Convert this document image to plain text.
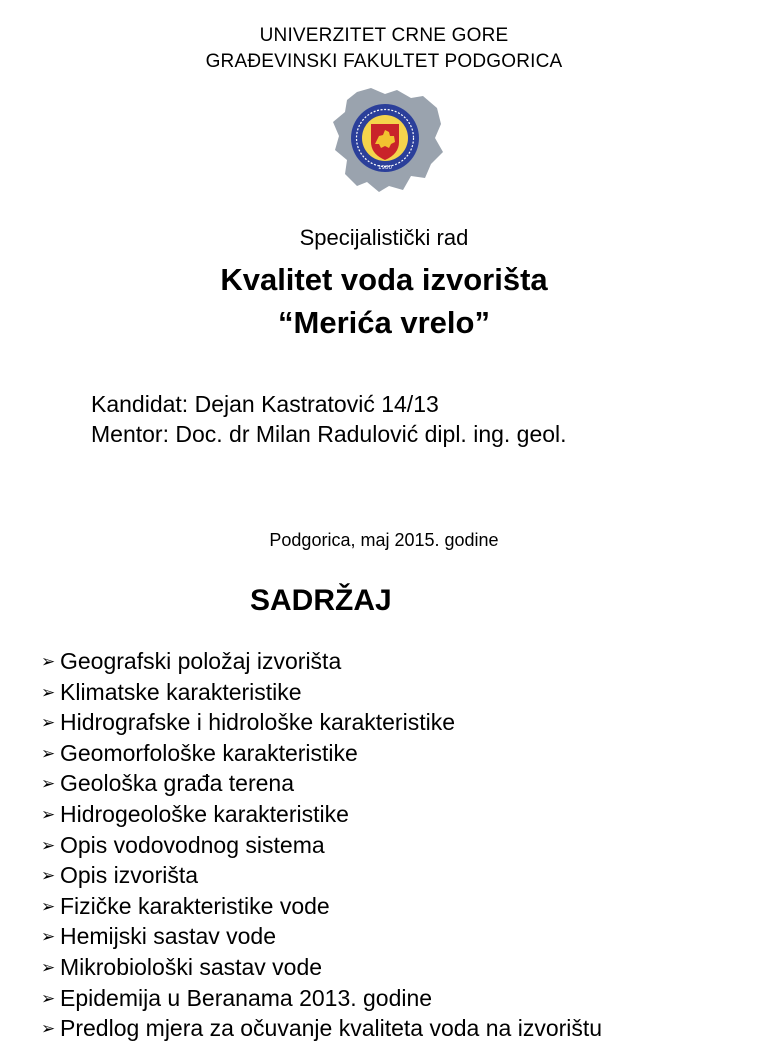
UNIVERZITET CRNE GORE
GRAĐEVINSKI FAKULTET PODGORICA
1980
Specijalistički rad
Kvalitet voda izvorišta
“Merića vrelo”
Kandidat: Dejan Kastratović 14/13
Mentor: Doc. dr Milan Radulović dipl. ing. geol.
Podgorica, maj 2015. godine
SADRŽAJ
➢ Geografski položaj izvorišta
➢ Klimatske karakteristike
➢ Hidrografske i hidrološke karakteristike
➢ Geomorfološke karakteristike
➢ Geološka građa terena
➢ Hidrogeološke karakteristike
➢ Opis vodovodnog sistema
➢ Opis izvorišta
➢ Fizičke karakteristike vode
➢ Hemijski sastav vode
➢ Mikrobiološki sastav vode
➢ Epidemija u Beranama 2013. godine
➢ Predlog mjera za očuvanje kvaliteta voda na izvorištu
